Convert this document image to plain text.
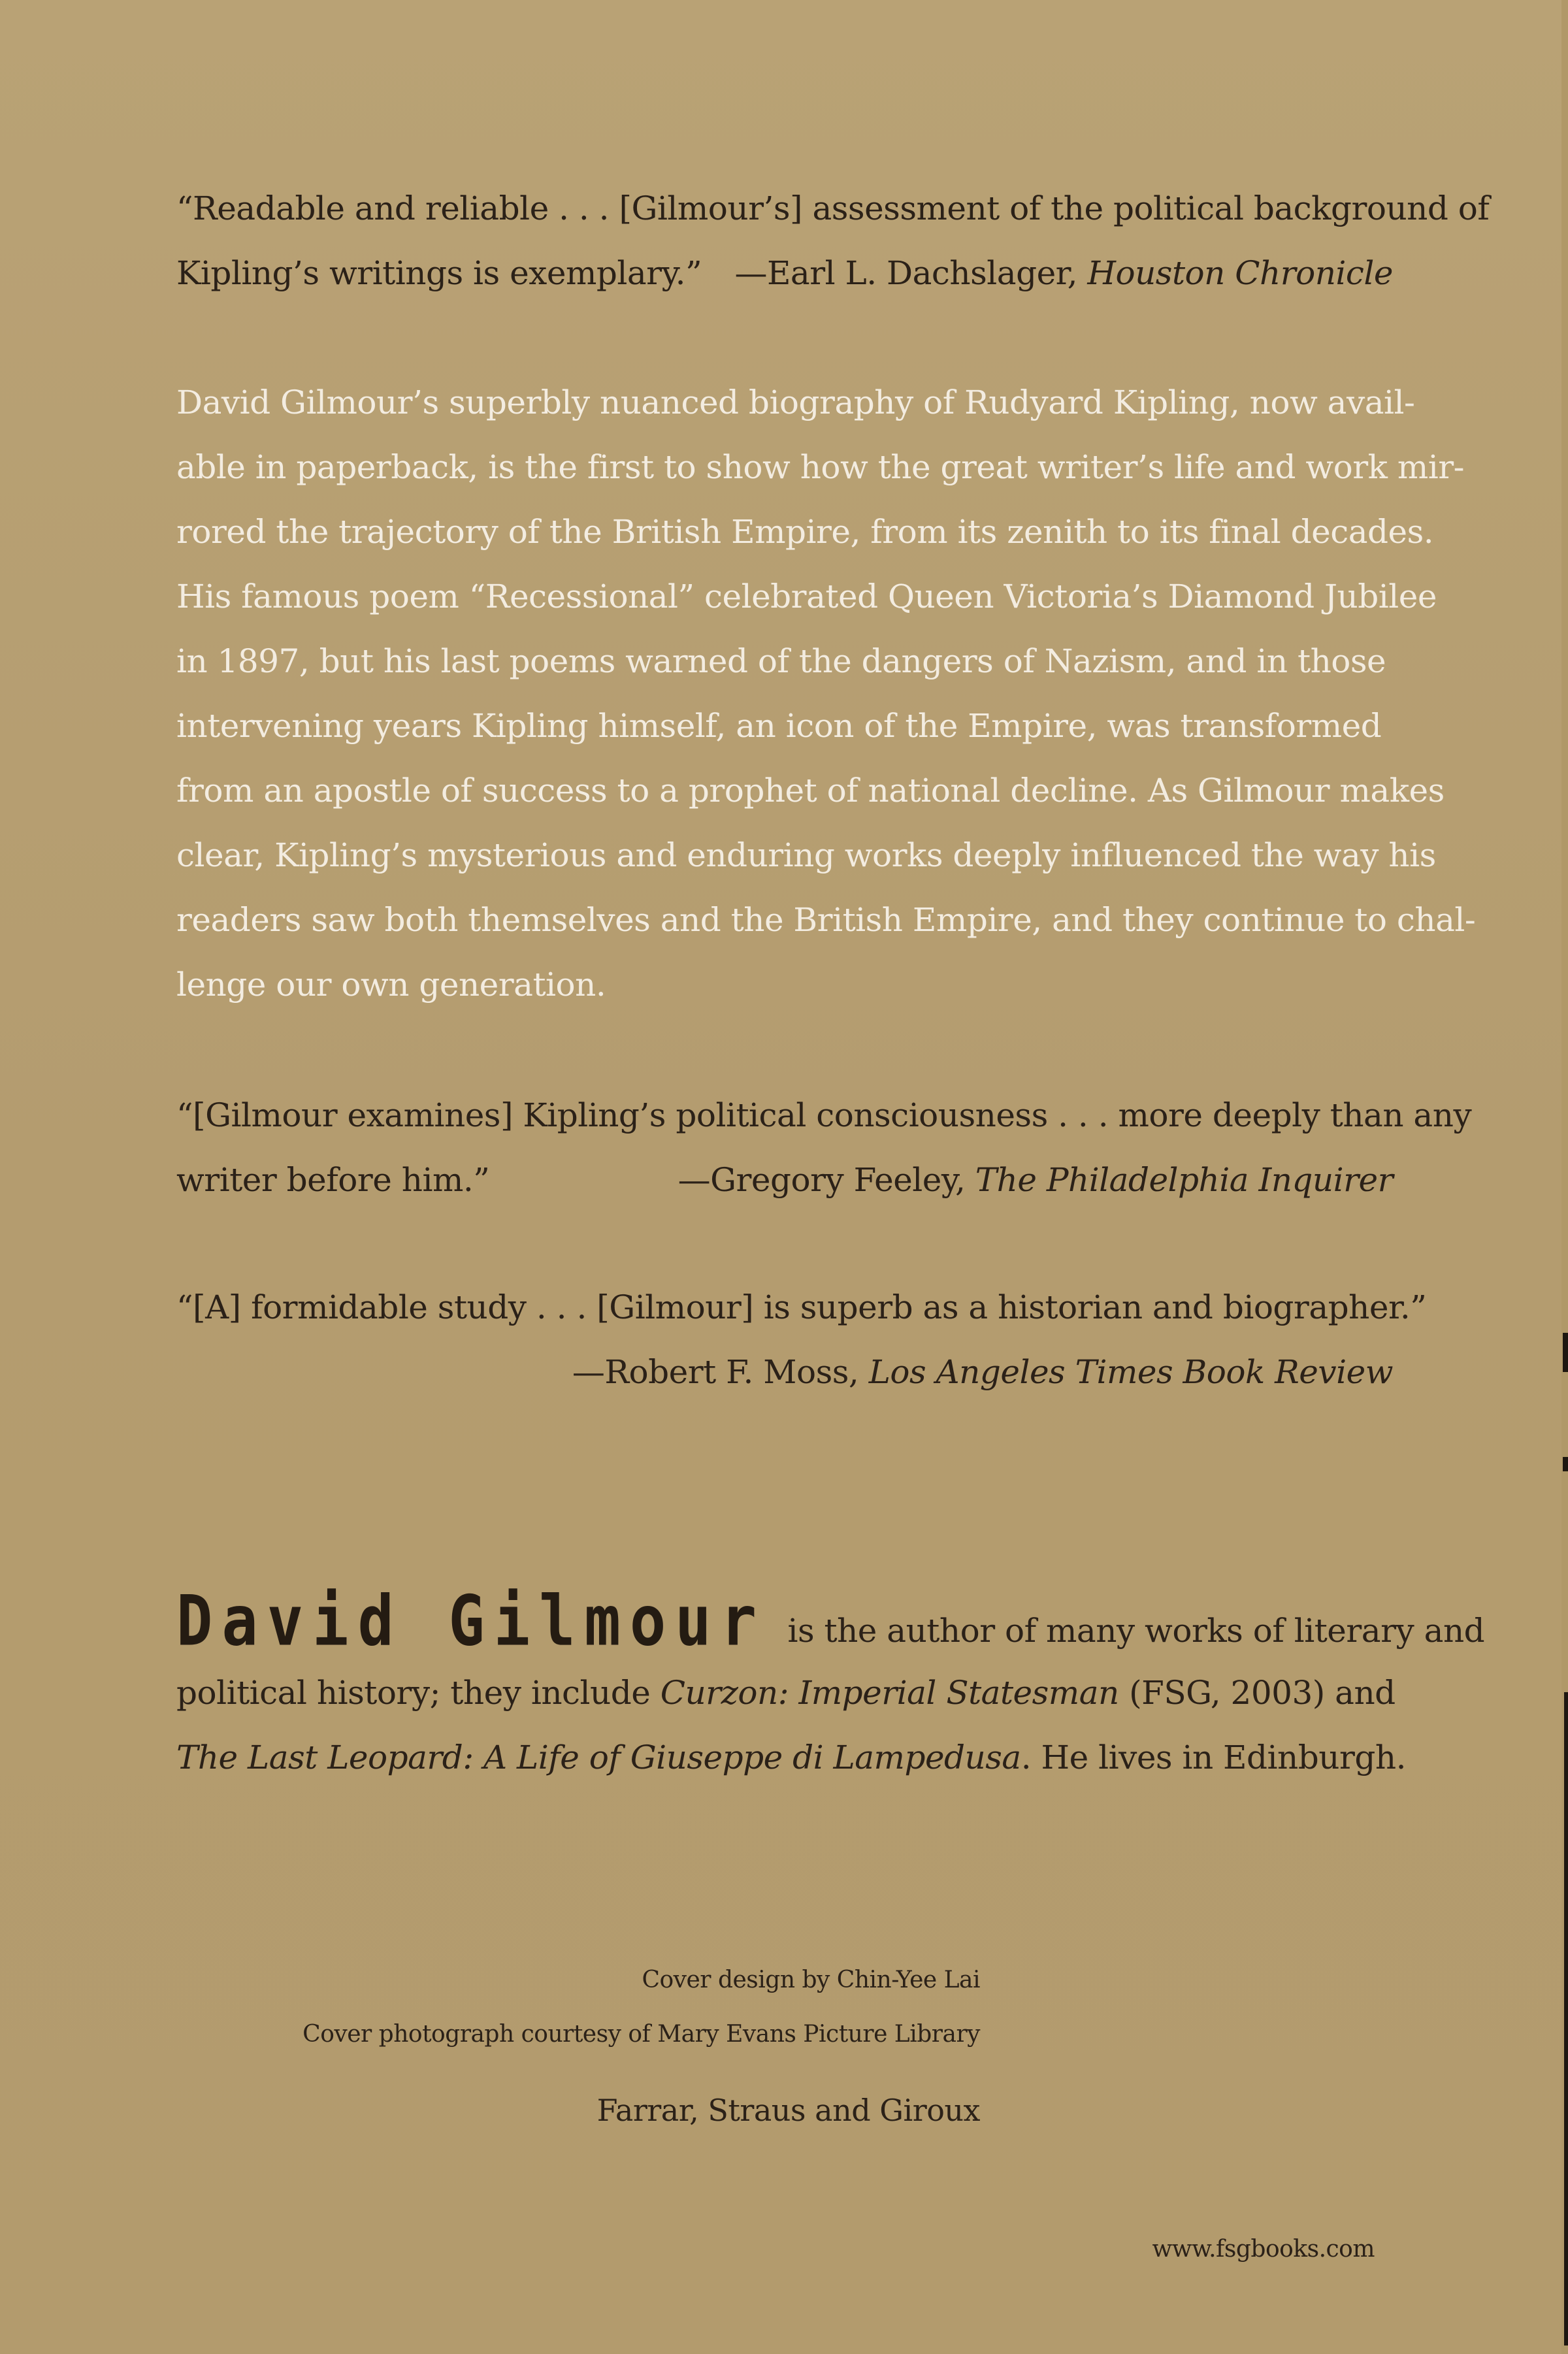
“Readable and reliable . . . [Gilmour’s] assessment of the political background of
Kipling’s writings is exemplary.” —Earl L. Dachslager, Houston Chronicle
David Gilmour’s superbly nuanced biography of Rudyard Kipling, now avail-
able in paperback, is the first to show how the great writer’s life and work mir-
rored the trajectory of the British Empire, from its zenith to its final decades.
His famous poem “Recessional” celebrated Queen Victoria’s Diamond Jubilee
in 1897, but his last poems warned of the dangers of Nazism, and in those
intervening years Kipling himself, an icon of the Empire, was transformed
from an apostle of success to a prophet of national decline. As Gilmour makes
clear, Kipling’s mysterious and enduring works deeply influenced the way his
readers saw both themselves and the British Empire, and they continue to chal-
lenge our own generation.
“[Gilmour examines] Kipling’s political consciousness . . . more deeply than any
writer before him.”	—Gregory Feeley, The Philadelphia Inquirer
“[A] formidable study . . . [Gilmour] is superb as a historian and biographer.”
—Robert F. Moss, Los Angeles Times Book Review
David Gilmour is the author of many works of literary and
political history; they include Curzon: Imperial Statesman (FSG, 2003) and
The Last Leopard: A Life of Giuseppe di Lampedusa. He lives in Edinburgh.
Cover design by Chin-Yee Lai
Cover photograph courtesy of Mary Evans Picture Library
Farrar, Straus and Giroux
www.fsgbooks.com
